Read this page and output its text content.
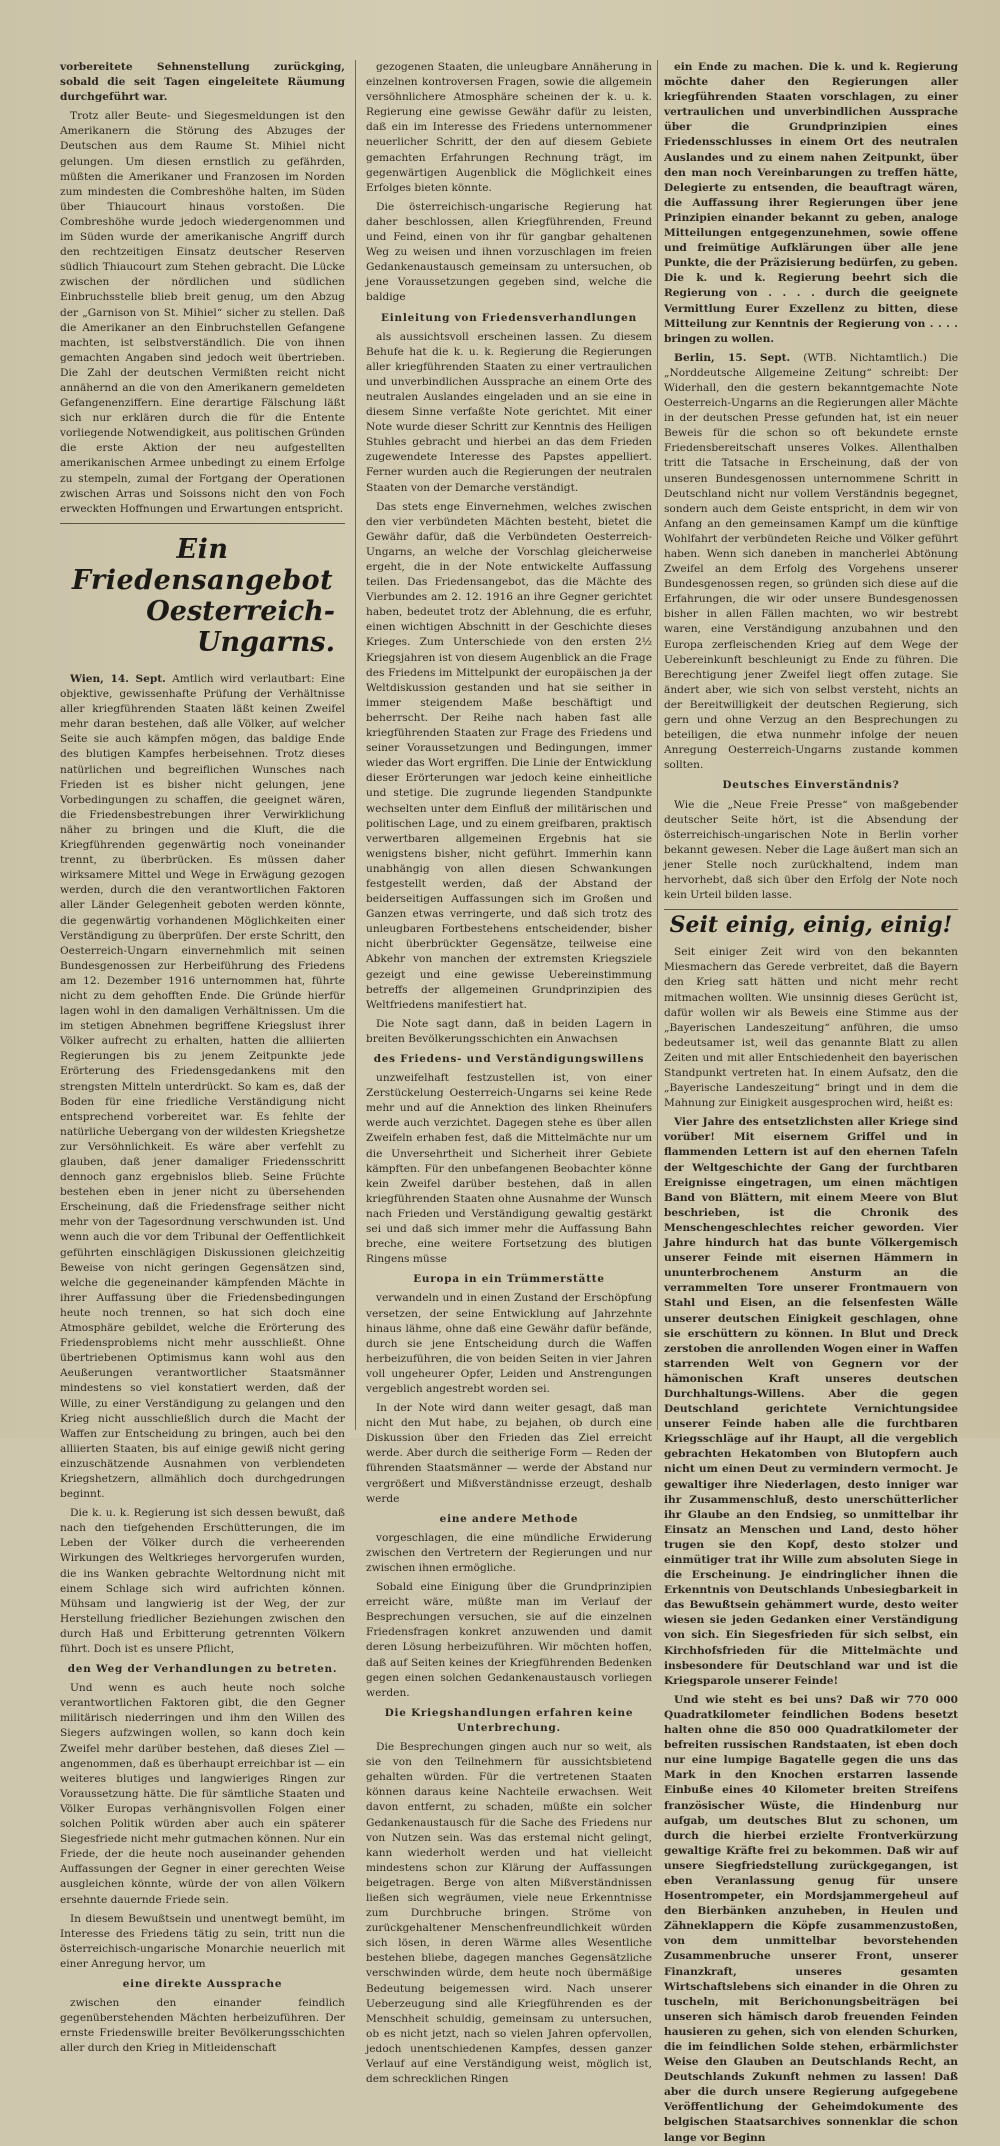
vorbereitete Sehnenstellung zurückging, sobald die seit Tagen eingeleitete Räumung durchgeführt war.

Trotz aller Beute- und Siegesmeldungen ist den Amerikanern die Störung des Abzuges der Deutschen aus dem Raume St. Mihiel nicht gelungen. Um diesen ernstlich zu gefährden, müßten die Amerikaner und Franzosen im Norden zum mindesten die Combreshöhe halten, im Süden über Thiaucourt hinaus vorstoßen. Die Combreshöhe wurde jedoch wiedergenommen und im Süden wurde der amerikanische Angriff durch den rechtzeitigen Einsatz deutscher Reserven südlich Thiaucourt zum Stehen gebracht. Die Lücke zwischen der nördlichen und südlichen Einbruchsstelle blieb breit genug, um den Abzug der „Garnison von St. Mihiel“ sicher zu stellen. Daß die Amerikaner an den Einbruchstellen Gefangene machten, ist selbstverständlich. Die von ihnen gemachten Angaben sind jedoch weit übertrieben. Die Zahl der deutschen Vermißten reicht nicht annähernd an die von den Amerikanern gemeldeten Gefangenenziffern. Eine derartige Fälschung läßt sich nur erklären durch die für die Entente vorliegende Notwendigkeit, aus politischen Gründen die erste Aktion der neu aufgestellten amerikanischen Armee unbedingt zu einem Erfolge zu stempeln, zumal der Fortgang der Operationen zwischen Arras und Soissons nicht den von Foch erweckten Hoffnungen und Erwartungen entspricht.

Ein Friedensangebot
Oesterreich-Ungarns.

Wien, 14. Sept. Amtlich wird verlautbart: Eine objektive, gewissenhafte Prüfung der Verhältnisse aller kriegführenden Staaten läßt keinen Zweifel mehr daran bestehen, daß alle Völker, auf welcher Seite sie auch kämpfen mögen, das baldige Ende des blutigen Kampfes herbeisehnen. Trotz dieses natürlichen und begreiflichen Wunsches nach Frieden ist es bisher nicht gelungen, jene Vorbedingungen zu schaffen, die geeignet wären, die Friedensbestrebungen ihrer Verwirklichung näher zu bringen und die Kluft, die die Kriegführenden gegenwärtig noch voneinander trennt, zu überbrücken. Es müssen daher wirksamere Mittel und Wege in Erwägung gezogen werden, durch die den verantwortlichen Faktoren aller Länder Gelegenheit geboten werden könnte, die gegenwärtig vorhandenen Möglichkeiten einer Verständigung zu überprüfen. Der erste Schritt, den Oesterreich-Ungarn einvernehmlich mit seinen Bundesgenossen zur Herbeiführung des Friedens am 12. Dezember 1916 unternommen hat, führte nicht zu dem gehofften Ende. Die Gründe hierfür lagen wohl in den damaligen Verhältnissen. Um die im stetigen Abnehmen begriffene Kriegslust ihrer Völker aufrecht zu erhalten, hatten die alliierten Regierungen bis zu jenem Zeitpunkte jede Erörterung des Friedensgedankens mit den strengsten Mitteln unterdrückt. So kam es, daß der Boden für eine friedliche Verständigung nicht entsprechend vorbereitet war. Es fehlte der natürliche Uebergang von der wildesten Kriegshetze zur Versöhnlichkeit. Es wäre aber verfehlt zu glauben, daß jener damaliger Friedensschritt dennoch ganz ergebnislos blieb. Seine Früchte bestehen eben in jener nicht zu übersehenden Erscheinung, daß die Friedensfrage seither nicht mehr von der Tagesordnung verschwunden ist. Und wenn auch die vor dem Tribunal der Oeffentlichkeit geführten einschlägigen Diskussionen gleichzeitig Beweise von nicht geringen Gegensätzen sind, welche die gegeneinander kämpfenden Mächte in ihrer Auffassung über die Friedensbedingungen heute noch trennen, so hat sich doch eine Atmosphäre gebildet, welche die Erörterung des Friedensproblems nicht mehr ausschließt. Ohne übertriebenen Optimismus kann wohl aus den Aeußerungen verantwortlicher Staatsmänner mindestens so viel konstatiert werden, daß der Wille, zu einer Verständigung zu gelangen und den Krieg nicht ausschließlich durch die Macht der Waffen zur Entscheidung zu bringen, auch bei den alliierten Staaten, bis auf einige gewiß nicht gering einzuschätzende Ausnahmen von verblendeten Kriegshetzern, allmählich doch durchgedrungen beginnt.

Die k. u. k. Regierung ist sich dessen bewußt, daß nach den tiefgehenden Erschütterungen, die im Leben der Völker durch die verheerenden Wirkungen des Weltkrieges hervorgerufen wurden, die ins Wanken gebrachte Weltordnung nicht mit einem Schlage sich wird aufrichten können. Mühsam und langwierig ist der Weg, der zur Herstellung friedlicher Beziehungen zwischen den durch Haß und Erbitterung getrennten Völkern führt. Doch ist es unsere Pflicht,

den Weg der Verhandlungen zu betreten.

Und wenn es auch heute noch solche verantwortlichen Faktoren gibt, die den Gegner militärisch niederringen und ihm den Willen des Siegers aufzwingen wollen, so kann doch kein Zweifel mehr darüber bestehen, daß dieses Ziel — angenommen, daß es überhaupt erreichbar ist — ein weiteres blutiges und langwieriges Ringen zur Voraussetzung hätte. Die für sämtliche Staaten und Völker Europas verhängnisvollen Folgen einer solchen Politik würden aber auch ein späterer Siegesfriede nicht mehr gutmachen können. Nur ein Friede, der die heute noch auseinander gehenden Auffassungen der Gegner in einer gerechten Weise ausgleichen könnte, würde der von allen Völkern ersehnte dauernde Friede sein.

In diesem Bewußtsein und unentwegt bemüht, im Interesse des Friedens tätig zu sein, tritt nun die österreichisch-ungarische Monarchie neuerlich mit einer Anregung hervor, um

eine direkte Aussprache

zwischen den einander feindlich gegenüberstehenden Mächten herbeizuführen. Der ernste Friedenswille breiter Bevölkerungsschichten aller durch den Krieg in Mitleidenschaft

gezogenen Staaten, die unleugbare Annäherung in einzelnen kontroversen Fragen, sowie die allgemein versöhnlichere Atmosphäre scheinen der k. u. k. Regierung eine gewisse Gewähr dafür zu leisten, daß ein im Interesse des Friedens unternommener neuerlicher Schritt, der den auf diesem Gebiete gemachten Erfahrungen Rechnung trägt, im gegenwärtigen Augenblick die Möglichkeit eines Erfolges bieten könnte.

Die österreichisch-ungarische Regierung hat daher beschlossen, allen Kriegführenden, Freund und Feind, einen von ihr für gangbar gehaltenen Weg zu weisen und ihnen vorzuschlagen im freien Gedankenaustausch gemeinsam zu untersuchen, ob jene Voraussetzungen gegeben sind, welche die baldige

Einleitung von Friedensverhandlungen

als aussichtsvoll erscheinen lassen. Zu diesem Behufe hat die k. u. k. Regierung die Regierungen aller kriegführenden Staaten zu einer vertraulichen und unverbindlichen Aussprache an einem Orte des neutralen Auslandes eingeladen und an sie eine in diesem Sinne verfaßte Note gerichtet. Mit einer Note wurde dieser Schritt zur Kenntnis des Heiligen Stuhles gebracht und hierbei an das dem Frieden zugewendete Interesse des Papstes appelliert. Ferner wurden auch die Regierungen der neutralen Staaten von der Demarche verständigt.

Das stets enge Einvernehmen, welches zwischen den vier verbündeten Mächten besteht, bietet die Gewähr dafür, daß die Verbündeten Oesterreich-Ungarns, an welche der Vorschlag gleicherweise ergeht, die in der Note entwickelte Auffassung teilen. Das Friedensangebot, das die Mächte des Vierbundes am 2. 12. 1916 an ihre Gegner gerichtet haben, bedeutet trotz der Ablehnung, die es erfuhr, einen wichtigen Abschnitt in der Geschichte dieses Krieges. Zum Unterschiede von den ersten 2½ Kriegsjahren ist von diesem Augenblick an die Frage des Friedens im Mittelpunkt der europäischen ja der Weltdiskussion gestanden und hat sie seither in immer steigendem Maße beschäftigt und beherrscht. Der Reihe nach haben fast alle kriegführenden Staaten zur Frage des Friedens und seiner Voraussetzungen und Bedingungen, immer wieder das Wort ergriffen. Die Linie der Entwicklung dieser Erörterungen war jedoch keine einheitliche und stetige. Die zugrunde liegenden Standpunkte wechselten unter dem Einfluß der militärischen und politischen Lage, und zu einem greifbaren, praktisch verwertbaren allgemeinen Ergebnis hat sie wenigstens bisher, nicht geführt. Immerhin kann unabhängig von allen diesen Schwankungen festgestellt werden, daß der Abstand der beiderseitigen Auffassungen sich im Großen und Ganzen etwas verringerte, und daß sich trotz des unleugbaren Fortbestehens entscheidender, bisher nicht überbrückter Gegensätze, teilweise eine Abkehr von manchen der extremsten Kriegsziele gezeigt und eine gewisse Uebereinstimmung betreffs der allgemeinen Grundprinzipien des Weltfriedens manifestiert hat.

Die Note sagt dann, daß in beiden Lagern in breiten Bevölkerungsschichten ein Anwachsen

des Friedens- und Verständigungswillens

unzweifelhaft festzustellen ist, von einer Zerstückelung Oesterreich-Ungarns sei keine Rede mehr und auf die Annektion des linken Rheinufers werde auch verzichtet. Dagegen stehe es über allen Zweifeln erhaben fest, daß die Mittelmächte nur um die Unversehrtheit und Sicherheit ihrer Gebiete kämpften. Für den unbefangenen Beobachter könne kein Zweifel darüber bestehen, daß in allen kriegführenden Staaten ohne Ausnahme der Wunsch nach Frieden und Verständigung gewaltig gestärkt sei und daß sich immer mehr die Auffassung Bahn breche, eine weitere Fortsetzung des blutigen Ringens müsse

Europa in ein Trümmerstätte

verwandeln und in einen Zustand der Erschöpfung versetzen, der seine Entwicklung auf Jahrzehnte hinaus lähme, ohne daß eine Gewähr dafür befände, durch sie jene Entscheidung durch die Waffen herbeizuführen, die von beiden Seiten in vier Jahren voll ungeheurer Opfer, Leiden und Anstrengungen vergeblich angestrebt worden sei.

In der Note wird dann weiter gesagt, daß man nicht den Mut habe, zu bejahen, ob durch eine Diskussion über den Frieden das Ziel erreicht werde. Aber durch die seitherige Form — Reden der führenden Staatsmänner — werde der Abstand nur vergrößert und Mißverständnisse erzeugt, deshalb werde

eine andere Methode

vorgeschlagen, die eine mündliche Erwiderung zwischen den Vertretern der Regierungen und nur zwischen ihnen ermögliche.

Sobald eine Einigung über die Grundprinzipien erreicht wäre, müßte man im Verlauf der Besprechungen versuchen, sie auf die einzelnen Friedensfragen konkret anzuwenden und damit deren Lösung herbeizuführen. Wir möchten hoffen, daß auf Seiten keines der Kriegführenden Bedenken gegen einen solchen Gedankenaustausch vorliegen werden.

Die Kriegshandlungen erfahren keine Unterbrechung.

Die Besprechungen gingen auch nur so weit, als sie von den Teilnehmern für aussichtsbietend gehalten würden. Für die vertretenen Staaten können daraus keine Nachteile erwachsen. Weit davon entfernt, zu schaden, müßte ein solcher Gedankenaustausch für die Sache des Friedens nur von Nutzen sein. Was das erstemal nicht gelingt, kann wiederholt werden und hat vielleicht mindestens schon zur Klärung der Auffassungen beigetragen. Berge von alten Mißverständnissen ließen sich wegräumen, viele neue Erkenntnisse zum Durchbruche bringen. Ströme von zurückgehaltener Menschenfreundlichkeit würden sich lösen, in deren Wärme alles Wesentliche bestehen bliebe, dagegen manches Gegensätzliche verschwinden würde, dem heute noch übermäßige Bedeutung beigemessen wird. Nach unserer Ueberzeugung sind alle Kriegführenden es der Menschheit schuldig, gemeinsam zu untersuchen, ob es nicht jetzt, nach so vielen Jahren opfervollen, jedoch unentschiedenen Kampfes, dessen ganzer Verlauf auf eine Verständigung weist, möglich ist, dem schrecklichen Ringen

ein Ende zu machen. Die k. und k. Regierung möchte daher den Regierungen aller kriegführenden Staaten vorschlagen, zu einer vertraulichen und unverbindlichen Aussprache über die Grundprinzipien eines Friedensschlusses in einem Ort des neutralen Auslandes und zu einem nahen Zeitpunkt, über den man noch Vereinbarungen zu treffen hätte, Delegierte zu entsenden, die beauftragt wären, die Auffassung ihrer Regierungen über jene Prinzipien einander bekannt zu geben, analoge Mitteilungen entgegenzunehmen, sowie offene und freimütige Aufklärungen über alle jene Punkte, die der Präzisierung bedürfen, zu geben. Die k. und k. Regierung beehrt sich die Regierung von . . . . durch die geeignete Vermittlung Eurer Exzellenz zu bitten, diese Mitteilung zur Kenntnis der Regierung von . . . . bringen zu wollen.

Berlin, 15. Sept. (WTB. Nichtamtlich.) Die „Norddeutsche Allgemeine Zeitung“ schreibt: Der Widerhall, den die gestern bekanntgemachte Note Oesterreich-Ungarns an die Regierungen aller Mächte in der deutschen Presse gefunden hat, ist ein neuer Beweis für die schon so oft bekundete ernste Friedensbereitschaft unseres Volkes. Allenthalben tritt die Tatsache in Erscheinung, daß der von unseren Bundesgenossen unternommene Schritt in Deutschland nicht nur vollem Verständnis begegnet, sondern auch dem Geiste entspricht, in dem wir von Anfang an den gemeinsamen Kampf um die künftige Wohlfahrt der verbündeten Reiche und Völker geführt haben. Wenn sich daneben in mancherlei Abtönung Zweifel an dem Erfolg des Vorgehens unserer Bundesgenossen regen, so gründen sich diese auf die Erfahrungen, die wir oder unsere Bundesgenossen bisher in allen Fällen machten, wo wir bestrebt waren, eine Verständigung anzubahnen und den Europa zerfleischenden Krieg auf dem Wege der Uebereinkunft beschleunigt zu Ende zu führen. Die Berechtigung jener Zweifel liegt offen zutage. Sie ändert aber, wie sich von selbst versteht, nichts an der Bereitwilligkeit der deutschen Regierung, sich gern und ohne Verzug an den Besprechungen zu beteiligen, die etwa nunmehr infolge der neuen Anregung Oesterreich-Ungarns zustande kommen sollten.

Deutsches Einverständnis?

Wie die „Neue Freie Presse“ von maßgebender deutscher Seite hört, ist die Absendung der österreichisch-ungarischen Note in Berlin vorher bekannt gewesen. Neber die Lage äußert man sich an jener Stelle noch zurückhaltend, indem man hervorhebt, daß sich über den Erfolg der Note noch kein Urteil bilden lasse.

Seit einig, einig, einig!

Seit einiger Zeit wird von den bekannten Miesmachern das Gerede verbreitet, daß die Bayern den Krieg satt hätten und nicht mehr recht mitmachen wollten. Wie unsinnig dieses Gerücht ist, dafür wollen wir als Beweis eine Stimme aus der „Bayerischen Landeszeitung“ anführen, die umso bedeutsamer ist, weil das genannte Blatt zu allen Zeiten und mit aller Entschiedenheit den bayerischen Standpunkt vertreten hat. In einem Aufsatz, den die „Bayerische Landeszeitung“ bringt und in dem die Mahnung zur Einigkeit ausgesprochen wird, heißt es:

Vier Jahre des entsetzlichsten aller Kriege sind vorüber! Mit eisernem Griffel und in flammenden Lettern ist auf den ehernen Tafeln der Weltgeschichte der Gang der furchtbaren Ereignisse eingetragen, um einen mächtigen Band von Blättern, mit einem Meere von Blut beschrieben, ist die Chronik des Menschengeschlechtes reicher geworden. Vier Jahre hindurch hat das bunte Völkergemisch unserer Feinde mit eisernen Hämmern in ununterbrochenem Ansturm an die verrammelten Tore unserer Frontmauern von Stahl und Eisen, an die felsenfesten Wälle unserer deutschen Einigkeit geschlagen, ohne sie erschüttern zu können. In Blut und Dreck zerstoben die anrollenden Wogen einer in Waffen starrenden Welt von Gegnern vor der hämonischen Kraft unseres deutschen Durchhaltungs-Willens. Aber die gegen Deutschland gerichtete Vernichtungsidee unserer Feinde haben alle die furchtbaren Kriegsschläge auf ihr Haupt, all die vergeblich gebrachten Hekatomben von Blutopfern auch nicht um einen Deut zu vermindern vermocht. Je gewaltiger ihre Niederlagen, desto inniger war ihr Zusammenschluß, desto unerschütterlicher ihr Glaube an den Endsieg, so unmittelbar ihr Einsatz an Menschen und Land, desto höher trugen sie den Kopf, desto stolzer und einmütiger trat ihr Wille zum absoluten Siege in die Erscheinung. Je eindringlicher ihnen die Erkenntnis von Deutschlands Unbesiegbarkeit in das Bewußtsein gehämmert wurde, desto weiter wiesen sie jeden Gedanken einer Verständigung von sich. Ein Siegesfrieden für sich selbst, ein Kirchhofsfrieden für die Mittelmächte und insbesondere für Deutschland war und ist die Kriegsparole unserer Feinde!

Und wie steht es bei uns? Daß wir 770 000 Quadratkilometer feindlichen Bodens besetzt halten ohne die 850 000 Quadratkilometer der befreiten russischen Randstaaten, ist eben doch nur eine lumpige Bagatelle gegen die uns das Mark in den Knochen erstarren lassende Einbuße eines 40 Kilometer breiten Streifens französischer Wüste, die Hindenburg nur aufgab, um deutsches Blut zu schonen, um durch die hierbei erzielte Frontverkürzung gewaltige Kräfte frei zu bekommen. Daß wir auf unsere Siegfriedstellung zurückgegangen, ist eben Veranlassung genug für unsere Hosentrompeter, ein Mordsjammergeheul auf den Bierbänken anzuheben, in Heulen und Zähneklappern die Köpfe zusammenzustoßen, von dem unmittelbar bevorstehenden Zusammenbruche unserer Front, unserer Finanzkraft, unseres gesamten Wirtschaftslebens sich einander in die Ohren zu tuscheln, mit Berichonungsbeiträgen bei unseren sich hämisch darob freuenden Feinden hausieren zu gehen, sich von elenden Schurken, die im feindlichen Solde stehen, erbärmlichster Weise den Glauben an Deutschlands Recht, an Deutschlands Zukunft nehmen zu lassen! Daß aber die durch unsere Regierung aufgegebene Veröffentlichung der Geheimdokumente des belgischen Staatsarchives sonnenklar die schon lange vor Beginn
